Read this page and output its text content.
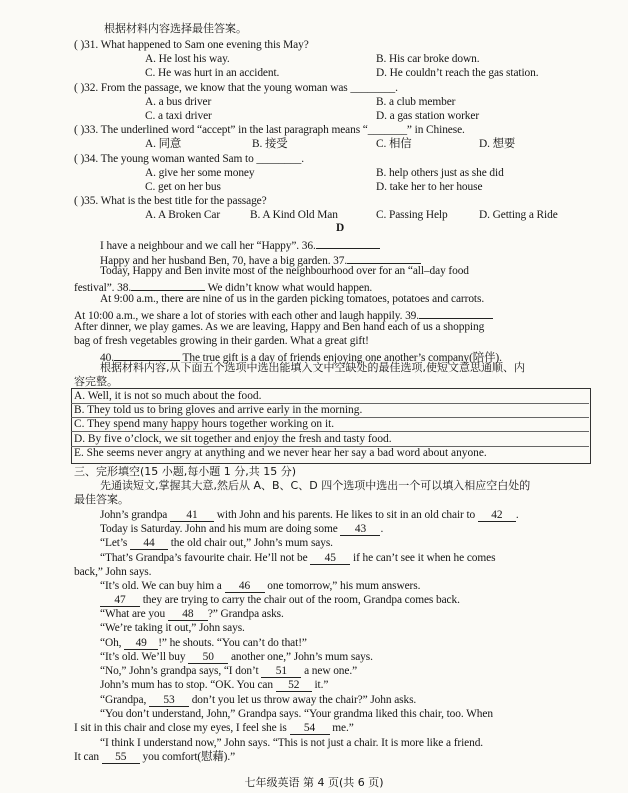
根据材料内容选择最佳答案。
( )31. What happened to Sam one evening this May?
A. He lost his way.	B. His car broke down.
C. He was hurt in an accident.	D. He couldn’t reach the gas station.
( )32. From the passage, we know that the young woman was ________.
A. a bus driver	B. a club member
C. a taxi driver	D. a gas station worker
( )33. The underlined word “accept” in the last paragraph means “_______” in Chinese.
A. 同意	B. 接受	C. 相信	D. 想要
( )34. The young woman wanted Sam to ________.
A. give her some money	B. help others just as she did
C. get on her bus	D. take her to her house
( )35. What is the best title for the passage?
A. A Broken Car	B. A Kind Old Man	C. Passing Help	D. Getting a Ride
D
I have a neighbour and we call her “Happy”. 36.
Happy and her husband Ben, 70, have a big garden. 37.
Today, Happy and Ben invite most of the neighbourhood over for an “all–day food
festival”. 38.	We didn’t know what would happen.
At 9:00 a.m., there are nine of us in the garden picking tomatoes, potatoes and carrots.
At 10:00 a.m., we share a lot of stories with each other and laugh happily. 39.
After dinner, we play games. As we are leaving, Happy and Ben hand each of us a shopping
bag of fresh vegetables growing in their garden. What a great gift!
40.	The true gift is a day of friends enjoying one another’s company(陪伴).
根据材料内容,从下面五个选项中选出能填入文中空缺处的最佳选项,使短文意思通顺、内
容完整。
A. Well, it is not so much about the food.
B. They told us to bring gloves and arrive early in the morning.
C. They spend many happy hours together working on it.
D. By five o’clock, we sit together and enjoy the fresh and tasty food.
E. She seems never angry at anything and we never hear her say a bad word about anyone.
三、完形填空(15 小题,每小题 1 分,共 15 分)
先通读短文,掌握其大意,然后从 A、B、C、D 四个选项中选出一个可以填入相应空白处的
最佳答案。
John’s grandpa 41 with John and his parents. He likes to sit in an old chair to 42 .
Today is Saturday. John and his mum are doing some 43 .
“Let’s 44 the old chair out,” John’s mum says.
“That’s Grandpa’s favourite chair. He’ll not be 45 if he can’t see it when he comes
back,” John says.
“It’s old. We can buy him a 46 one tomorrow,” his mum answers.
47 they are trying to carry the chair out of the room, Grandpa comes back.
“What are you 48 ?” Grandpa asks.
“We’re taking it out,” John says.
“Oh, 49 !” he shouts. “You can’t do that!”
“It’s old. We’ll buy 50 another one,” John’s mum says.
“No,” John’s grandpa says, “I don’t 51 a new one.”
John’s mum has to stop. “OK. You can 52 it.”
“Grandpa, 53 don’t you let us throw away the chair?” John asks.
“You don’t understand, John,” Grandpa says. “Your grandma liked this chair, too. When
I sit in this chair and close my eyes, I feel she is 54 me.”
“I think I understand now,” John says. “This is not just a chair. It is more like a friend.
It can 55 you comfort(慰藉).”
七年级英语 第 4 页(共 6 页)
